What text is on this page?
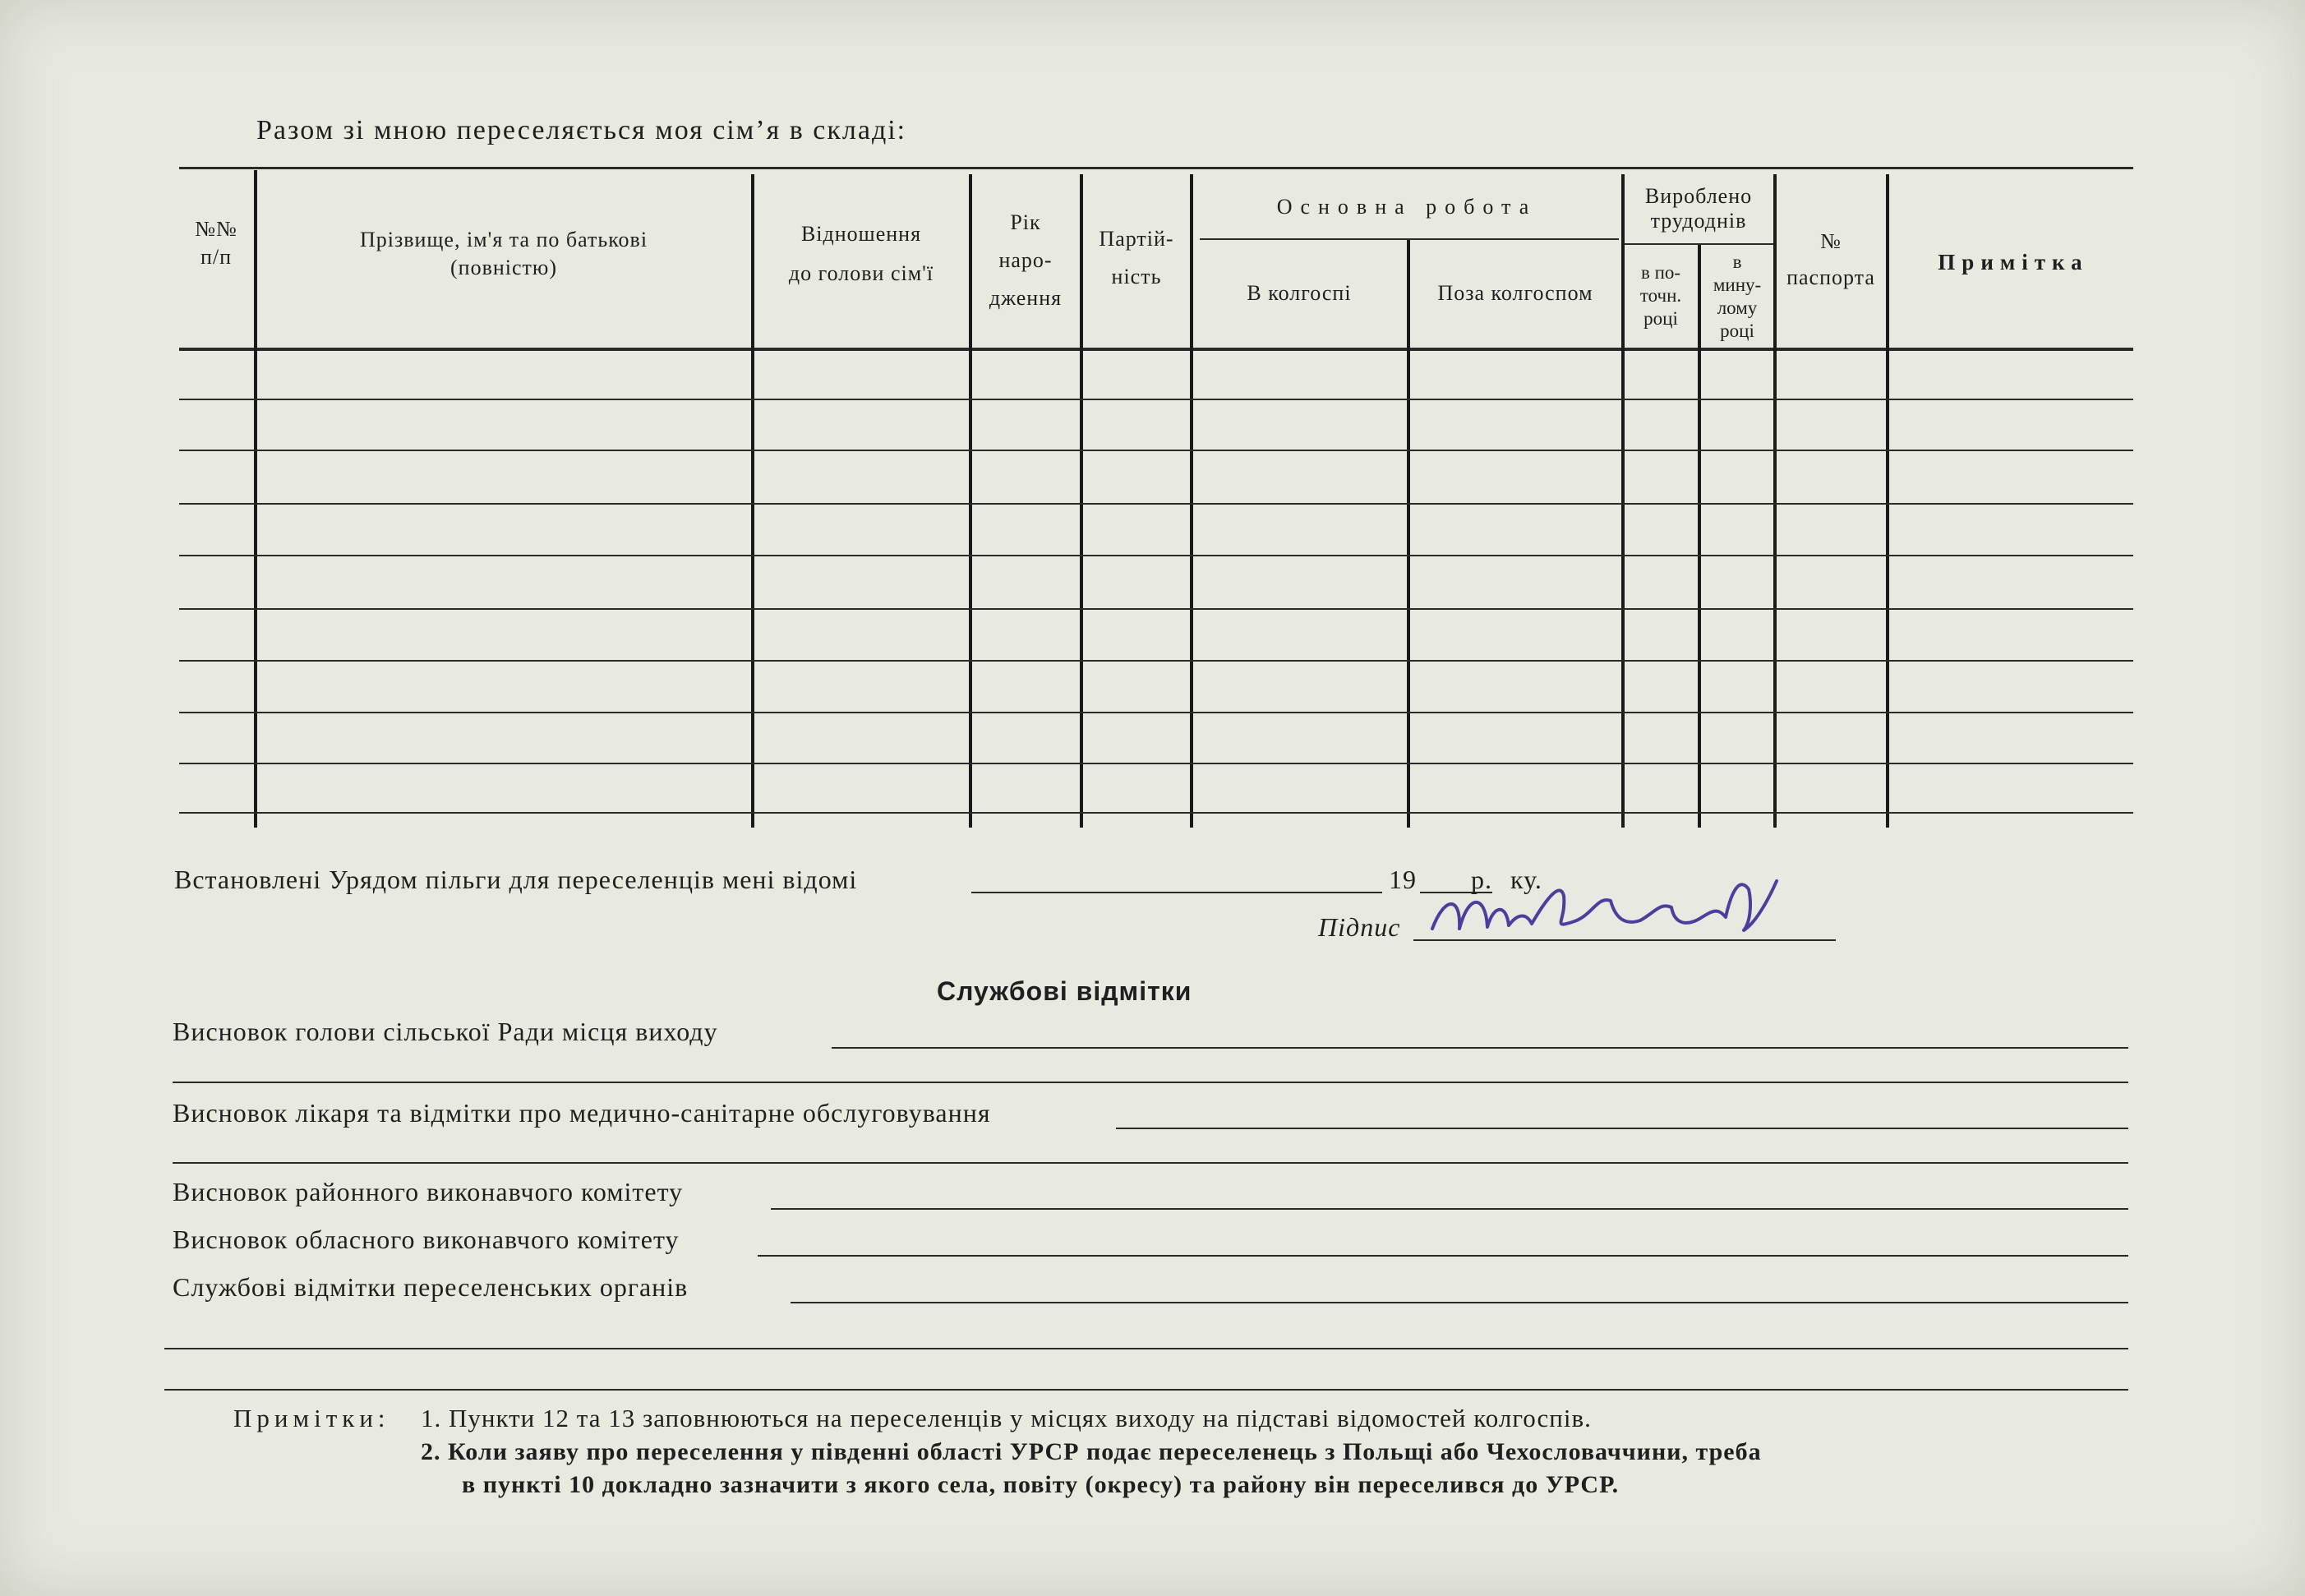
Разом зі мною переселяється моя сім’я в складі:
№№
п/п
Прізвище, ім'я та по батькові
(повністю)
Відношення
до голови сім'ї
Рік
наро-
дження
Партій-
ність
Основна робота
В колгоспі	Поза колгоспом
Вироблено
трудоднів
в по-
точн.
році
в
мину-
лому
році
№
паспорта
Примітка
Встановлені Урядом пільги для переселенців мені відомі	19 р. ку.
Підпис
Службові відмітки
Висновок голови сільської Ради місця виходу
Висновок лікаря та відмітки про медично-санітарне обслуговування
Висновок районного виконавчого комітету
Висновок обласного виконавчого комітету
Службові відмітки переселенських органів
Примітки: 1. Пункти 12 та 13 заповнюються на переселенців у місцях виходу на підставі відомостей колгоспів.
2. Коли заяву про переселення у південні області УРСР подає переселенець з Польщі або Чехословаччини, треба
в пункті 10 докладно зазначити з якого села, повіту (окресу) та району він переселився до УРСР.
